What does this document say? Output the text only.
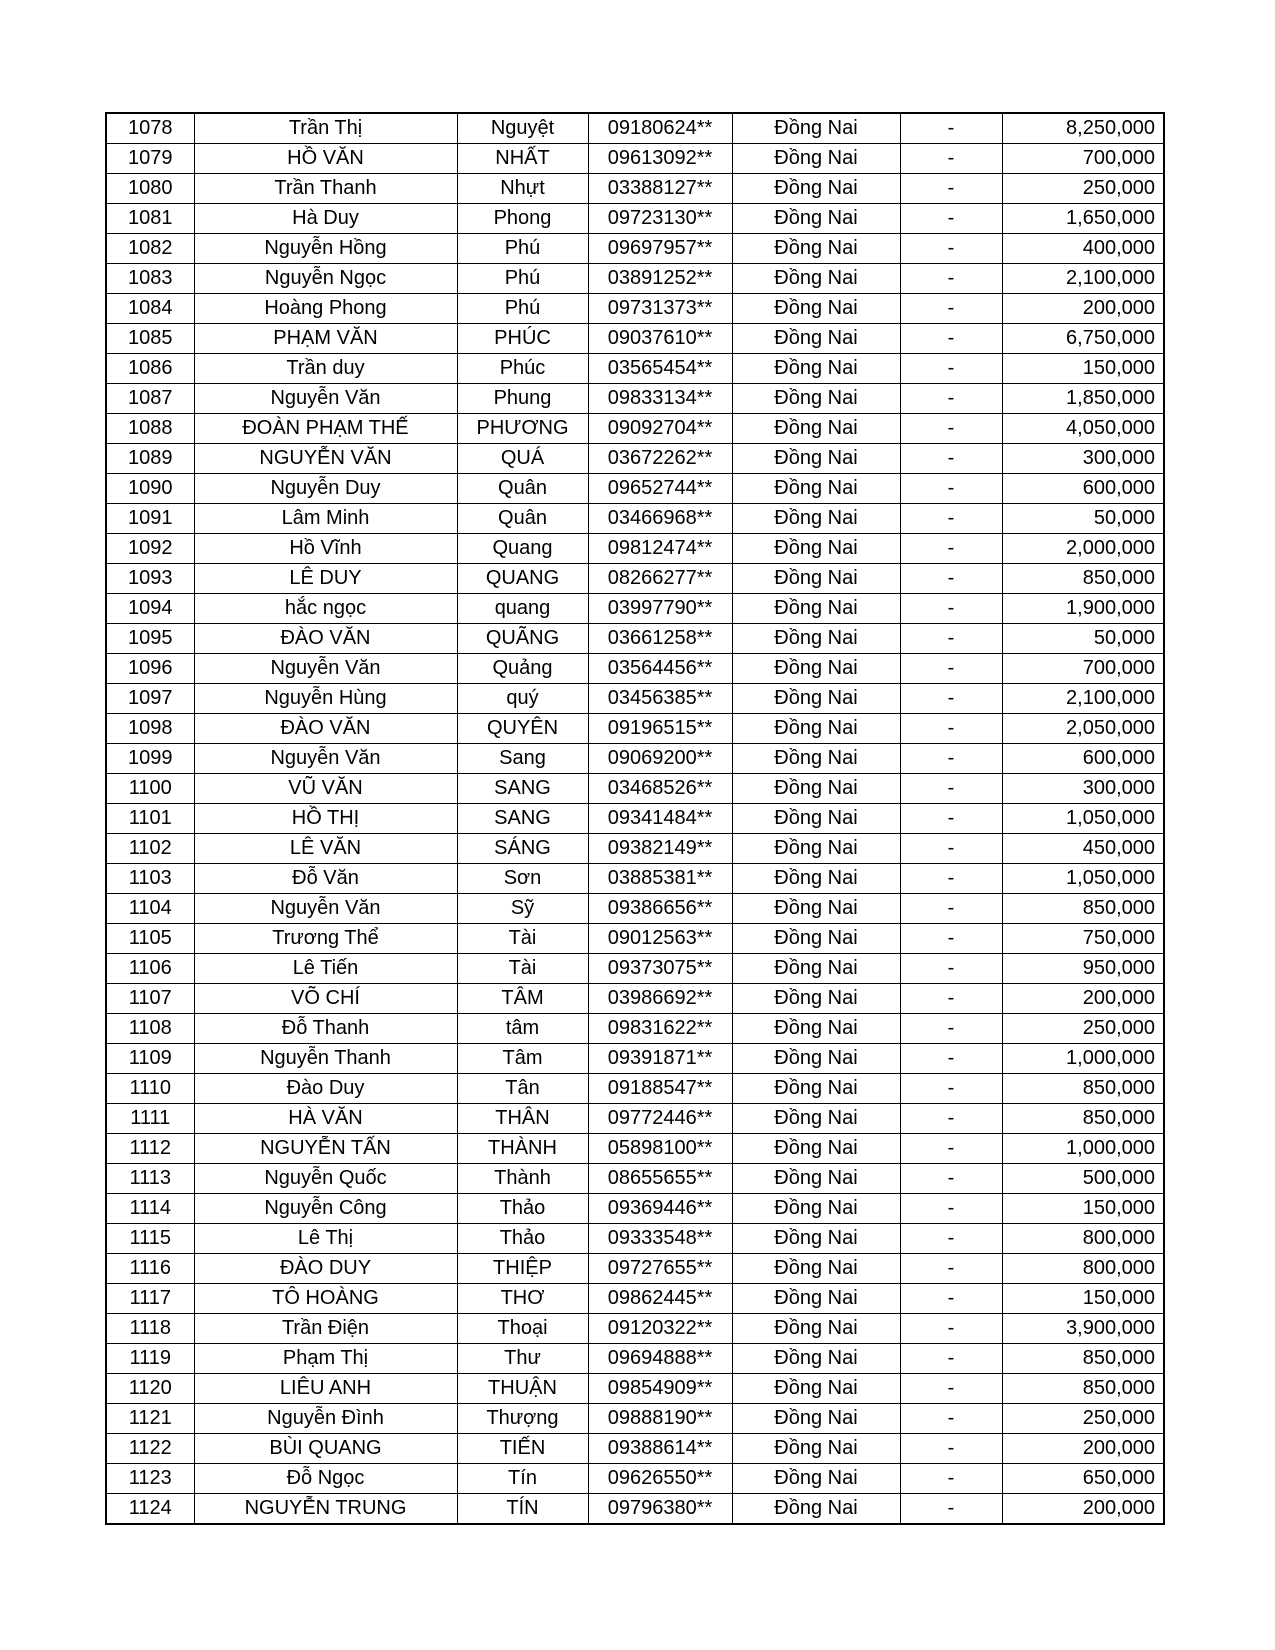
1078	Trần Thị	Nguyệt	09180624**	Đồng Nai	-	8,250,000
1079	HỒ VĂN	NHẤT	09613092**	Đồng Nai	-	700,000
1080	Trần Thanh	Nhựt	03388127**	Đồng Nai	-	250,000
1081	Hà Duy	Phong	09723130**	Đồng Nai	-	1,650,000
1082	Nguyễn Hồng	Phú	09697957**	Đồng Nai	-	400,000
1083	Nguyễn Ngọc	Phú	03891252**	Đồng Nai	-	2,100,000
1084	Hoàng Phong	Phú	09731373**	Đồng Nai	-	200,000
1085	PHẠM VĂN	PHÚC	09037610**	Đồng Nai	-	6,750,000
1086	Trần duy	Phúc	03565454**	Đồng Nai	-	150,000
1087	Nguyễn Văn	Phung	09833134**	Đồng Nai	-	1,850,000
1088	ĐOÀN PHẠM THẾ	PHƯƠNG	09092704**	Đồng Nai	-	4,050,000
1089	NGUYỄN VĂN	QUÁ	03672262**	Đồng Nai	-	300,000
1090	Nguyễn Duy	Quân	09652744**	Đồng Nai	-	600,000
1091	Lâm Minh	Quân	03466968**	Đồng Nai	-	50,000
1092	Hồ Vĩnh	Quang	09812474**	Đồng Nai	-	2,000,000
1093	LÊ DUY	QUANG	08266277**	Đồng Nai	-	850,000
1094	hắc ngọc	quang	03997790**	Đồng Nai	-	1,900,000
1095	ĐÀO VĂN	QUÃNG	03661258**	Đồng Nai	-	50,000
1096	Nguyễn Văn	Quảng	03564456**	Đồng Nai	-	700,000
1097	Nguyễn Hùng	quý	03456385**	Đồng Nai	-	2,100,000
1098	ĐÀO VĂN	QUYÊN	09196515**	Đồng Nai	-	2,050,000
1099	Nguyễn Văn	Sang	09069200**	Đồng Nai	-	600,000
1100	VŨ VĂN	SANG	03468526**	Đồng Nai	-	300,000
1101	HỒ THỊ	SANG	09341484**	Đồng Nai	-	1,050,000
1102	LÊ VĂN	SÁNG	09382149**	Đồng Nai	-	450,000
1103	Đỗ Văn	Sơn	03885381**	Đồng Nai	-	1,050,000
1104	Nguyễn Văn	Sỹ	09386656**	Đồng Nai	-	850,000
1105	Trương Thể	Tài	09012563**	Đồng Nai	-	750,000
1106	Lê Tiến	Tài	09373075**	Đồng Nai	-	950,000
1107	VÕ CHÍ	TÂM	03986692**	Đồng Nai	-	200,000
1108	Đỗ Thanh	tâm	09831622**	Đồng Nai	-	250,000
1109	Nguyễn Thanh	Tâm	09391871**	Đồng Nai	-	1,000,000
1110	Đào Duy	Tân	09188547**	Đồng Nai	-	850,000
1111	HÀ VĂN	THÂN	09772446**	Đồng Nai	-	850,000
1112	NGUYỄN TẤN	THÀNH	05898100**	Đồng Nai	-	1,000,000
1113	Nguyễn Quốc	Thành	08655655**	Đồng Nai	-	500,000
1114	Nguyễn Công	Thảo	09369446**	Đồng Nai	-	150,000
1115	Lê Thị	Thảo	09333548**	Đồng Nai	-	800,000
1116	ĐÀO DUY	THIỆP	09727655**	Đồng Nai	-	800,000
1117	TÔ HOÀNG	THƠ	09862445**	Đồng Nai	-	150,000
1118	Trần Điện	Thoại	09120322**	Đồng Nai	-	3,900,000
1119	Phạm Thị	Thư	09694888**	Đồng Nai	-	850,000
1120	LIÊU ANH	THUẬN	09854909**	Đồng Nai	-	850,000
1121	Nguyễn Đình	Thượng	09888190**	Đồng Nai	-	250,000
1122	BÙI QUANG	TIẾN	09388614**	Đồng Nai	-	200,000
1123	Đỗ Ngọc	Tín	09626550**	Đồng Nai	-	650,000
1124	NGUYỄN TRUNG	TÍN	09796380**	Đồng Nai	-	200,000
